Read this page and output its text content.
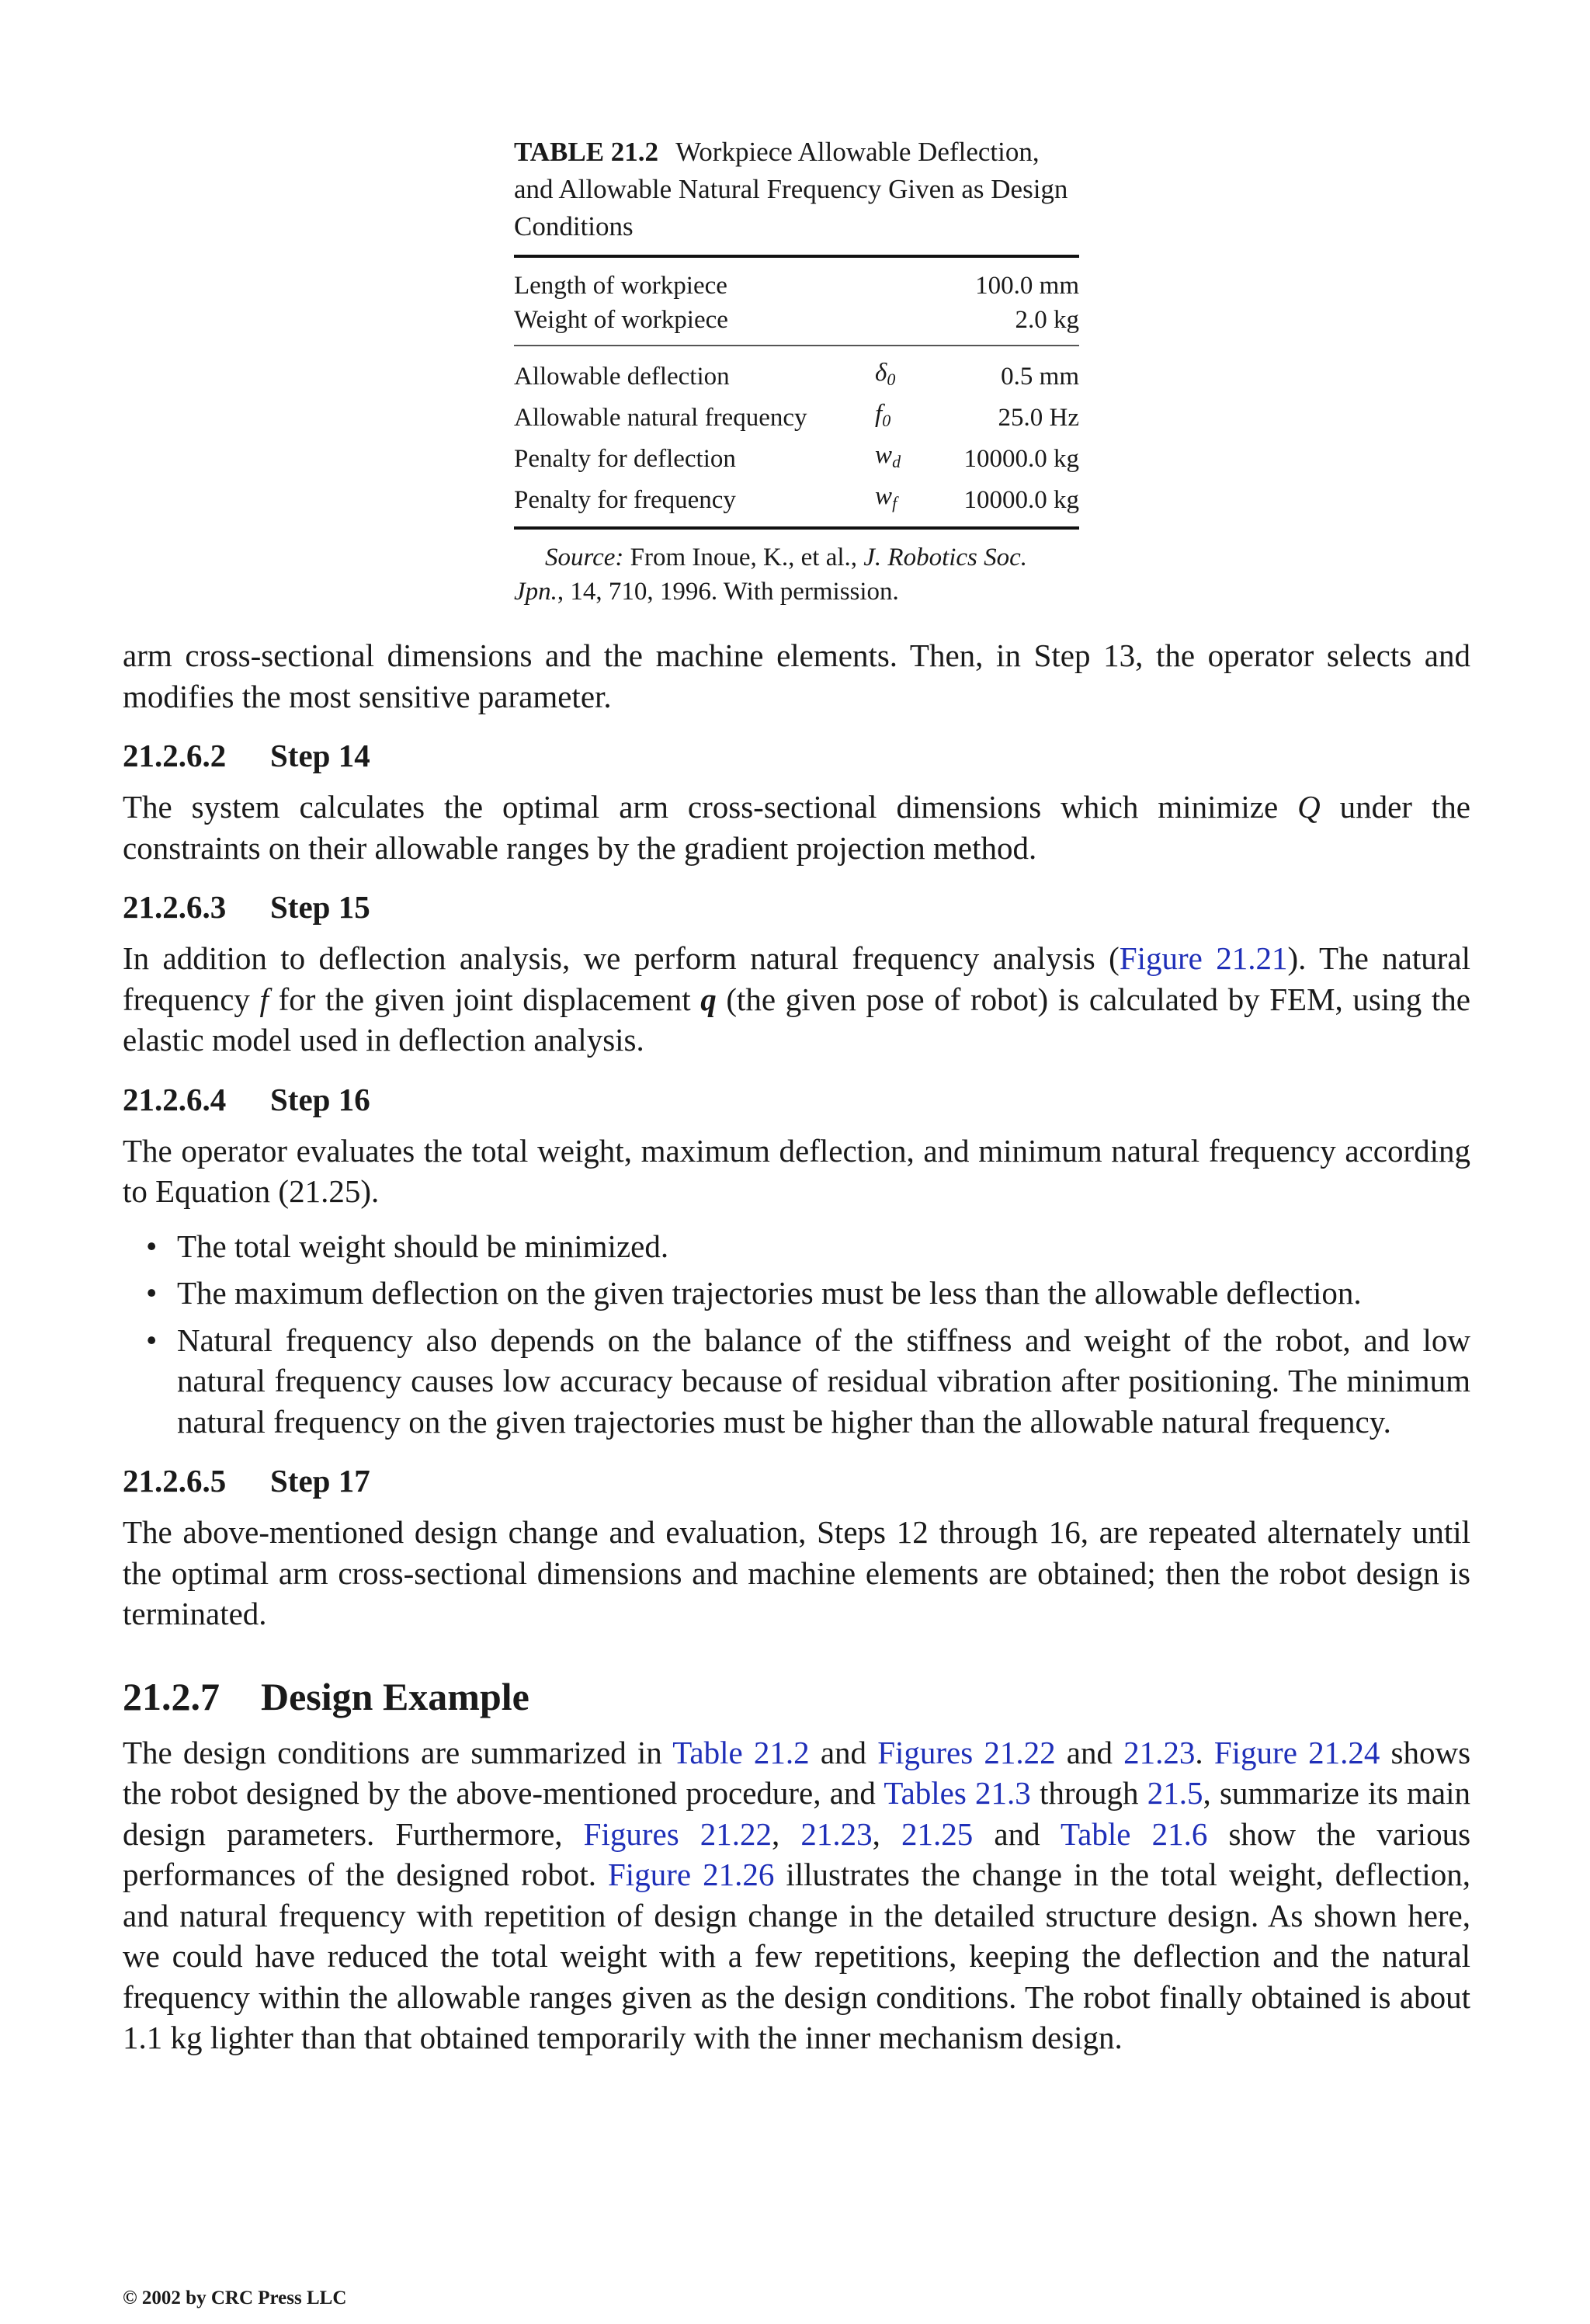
TABLE 21.2 Workpiece Allowable Deflection, and Allowable Natural Frequency Given as Design Conditions
Length of workpiece		100.0 mm
Weight of workpiece		2.0 kg
Allowable deflection	$\delta_0$	0.5 mm
Allowable natural frequency	$f_0$	25.0 Hz
Penalty for deflection	$w_d$	10000.0 kg
Penalty for frequency	$w_f$	10000.0 kg
Source: From Inoue, K., et al., J. Robotics Soc. Jpn., 14, 710, 1996. With permission.

arm cross-sectional dimensions and the machine elements. Then, in Step 13, the operator selects and modifies the most sensitive parameter.

21.2.6.2 Step 14

The system calculates the optimal arm cross-sectional dimensions which minimize Q under the constraints on their allowable ranges by the gradient projection method.

21.2.6.3 Step 15

In addition to deflection analysis, we perform natural frequency analysis (Figure 21.21). The natural frequency f for the given joint displacement q (the given pose of robot) is calculated by FEM, using the elastic model used in deflection analysis.

21.2.6.4 Step 16

The operator evaluates the total weight, maximum deflection, and minimum natural frequency according to Equation (21.25).

• The total weight should be minimized.
• The maximum deflection on the given trajectories must be less than the allowable deflection.
• Natural frequency also depends on the balance of the stiffness and weight of the robot, and low natural frequency causes low accuracy because of residual vibration after positioning. The minimum natural frequency on the given trajectories must be higher than the allowable natural frequency.
21.2.6.5 Step 17

The above-mentioned design change and evaluation, Steps 12 through 16, are repeated alternately until the optimal arm cross-sectional dimensions and machine elements are obtained; then the robot design is terminated.

21.2.7 Design Example

The design conditions are summarized in Table 21.2 and Figures 21.22 and 21.23. Figure 21.24 shows the robot designed by the above-mentioned procedure, and Tables 21.3 through 21.5, summarize its main design parameters. Furthermore, Figures 21.22, 21.23, 21.25 and Table 21.6 show the various performances of the designed robot. Figure 21.26 illustrates the change in the total weight, deflection, and natural frequency with repetition of design change in the detailed structure design. As shown here, we could have reduced the total weight with a few repetitions, keeping the deflection and the natural frequency within the allowable ranges given as the design conditions. The robot finally obtained is about 1.1 kg lighter than that obtained temporarily with the inner mechanism design.

© 2002 by CRC Press LLC
